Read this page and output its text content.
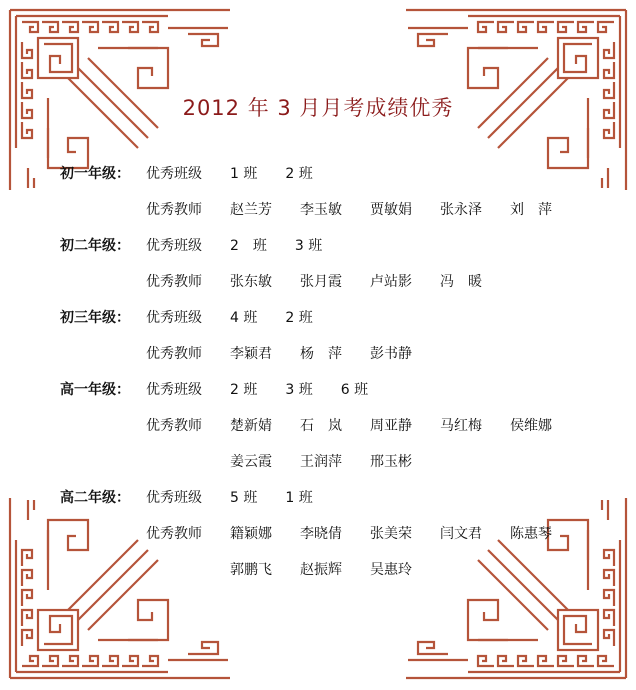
2012 年 3 月月考成绩优秀
初一年级： 优秀班级 1 班 2 班
优秀教师 赵兰芳 李玉敏 贾敏娟 张永泽 刘　萍
初二年级： 优秀班级 2　班 3 班
优秀教师 张东敏 张月霞 卢站影 冯　暖
初三年级： 优秀班级 4 班 2 班
优秀教师 李颖君 杨　萍 彭书静
高一年级： 优秀班级 2 班 3 班 6 班
优秀教师 楚新婧 石　岚 周亚静 马红梅 侯维娜
姜云霞 王润萍 邢玉彬
高二年级： 优秀班级 5 班 1 班
优秀教师 籍颖娜 李晓倩 张美荣 闫文君 陈惠琴
郭鹏飞 赵振辉 吴惠玲
